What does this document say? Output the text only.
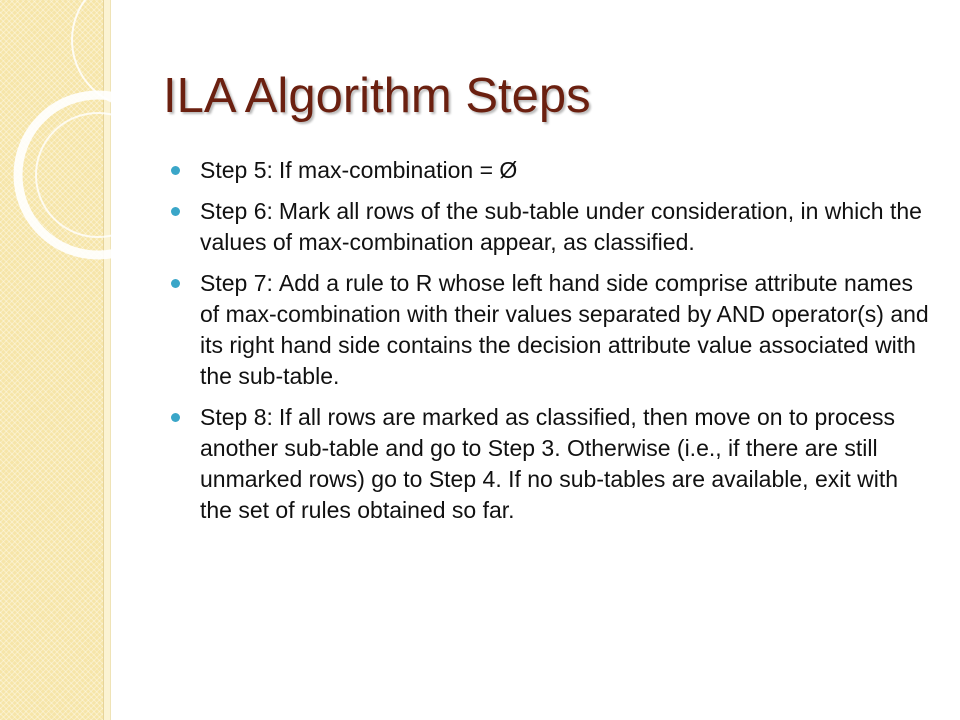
ILA Algorithm Steps
Step 5: If max-combination = Ø
Step 6: Mark all rows of the sub-table under consideration, in which the values of max-combination appear, as classified.
Step 7: Add a rule to R whose left hand side comprise attribute names of max-combination with their values separated by AND operator(s) and its right hand side contains the decision attribute value associated with the sub-table.
Step 8: If all rows are marked as classified, then move on to process another sub-table and go to Step 3. Otherwise (i.e., if there are still unmarked rows) go to Step 4. If no sub-tables are available, exit with the set of rules obtained so far.
